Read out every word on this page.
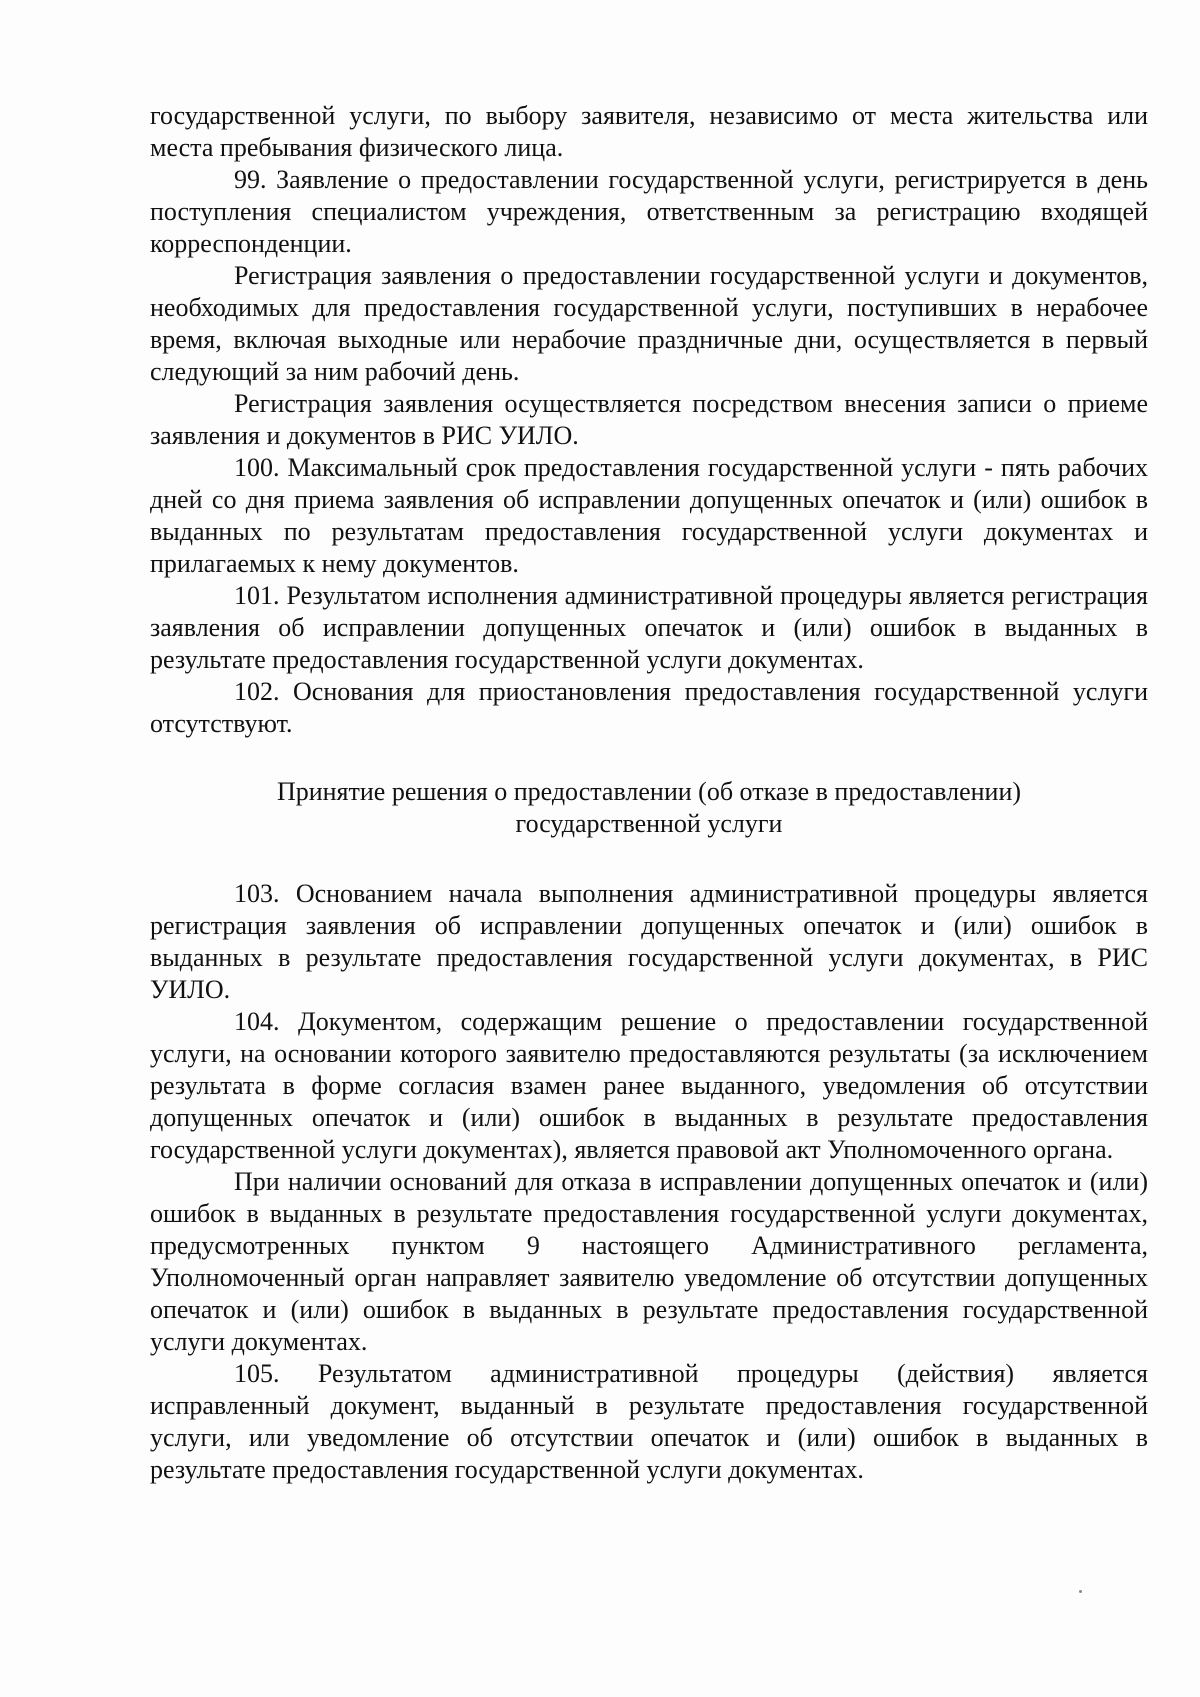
государственной услуги, по выбору заявителя, независимо от места жительства или места пребывания физического лица.

99. Заявление о предоставлении государственной услуги, регистрируется в день поступления специалистом учреждения, ответственным за регистрацию входящей корреспонденции.

Регистрация заявления о предоставлении государственной услуги и документов, необходимых для предоставления государственной услуги, поступивших в нерабочее время, включая выходные или нерабочие праздничные дни, осуществляется в первый следующий за ним рабочий день.

Регистрация заявления осуществляется посредством внесения записи о приеме заявления и документов в РИС УИЛО.

100. Максимальный срок предоставления государственной услуги - пять рабочих дней со дня приема заявления об исправлении допущенных опечаток и (или) ошибок в выданных по результатам предоставления государственной услуги документах и прилагаемых к нему документов.

101. Результатом исполнения административной процедуры является регистрация заявления об исправлении допущенных опечаток и (или) ошибок в выданных в результате предоставления государственной услуги документах.

102. Основания для приостановления предоставления государственной услуги отсутствуют.

Принятие решения о предоставлении (об отказе в предоставлении)
государственной услуги

103. Основанием начала выполнения административной процедуры является регистрация заявления об исправлении допущенных опечаток и (или) ошибок в выданных в результате предоставления государственной услуги документах, в РИС УИЛО.

104. Документом, содержащим решение о предоставлении государственной услуги, на основании которого заявителю предоставляются результаты (за исключением результата в форме согласия взамен ранее выданного, уведомления об отсутствии допущенных опечаток и (или) ошибок в выданных в результате предоставления государственной услуги документах), является правовой акт Уполномоченного органа.

При наличии оснований для отказа в исправлении допущенных опечаток и (или) ошибок в выданных в результате предоставления государственной услуги документах, предусмотренных пунктом 9 настоящего Административного регламента, Уполномоченный орган направляет заявителю уведомление об отсутствии допущенных опечаток и (или) ошибок в выданных в результате предоставления государственной услуги документах.

105. Результатом административной процедуры (действия) является исправленный документ, выданный в результате предоставления государственной услуги, или уведомление об отсутствии опечаток и (или) ошибок в выданных в результате предоставления государственной услуги документах.
